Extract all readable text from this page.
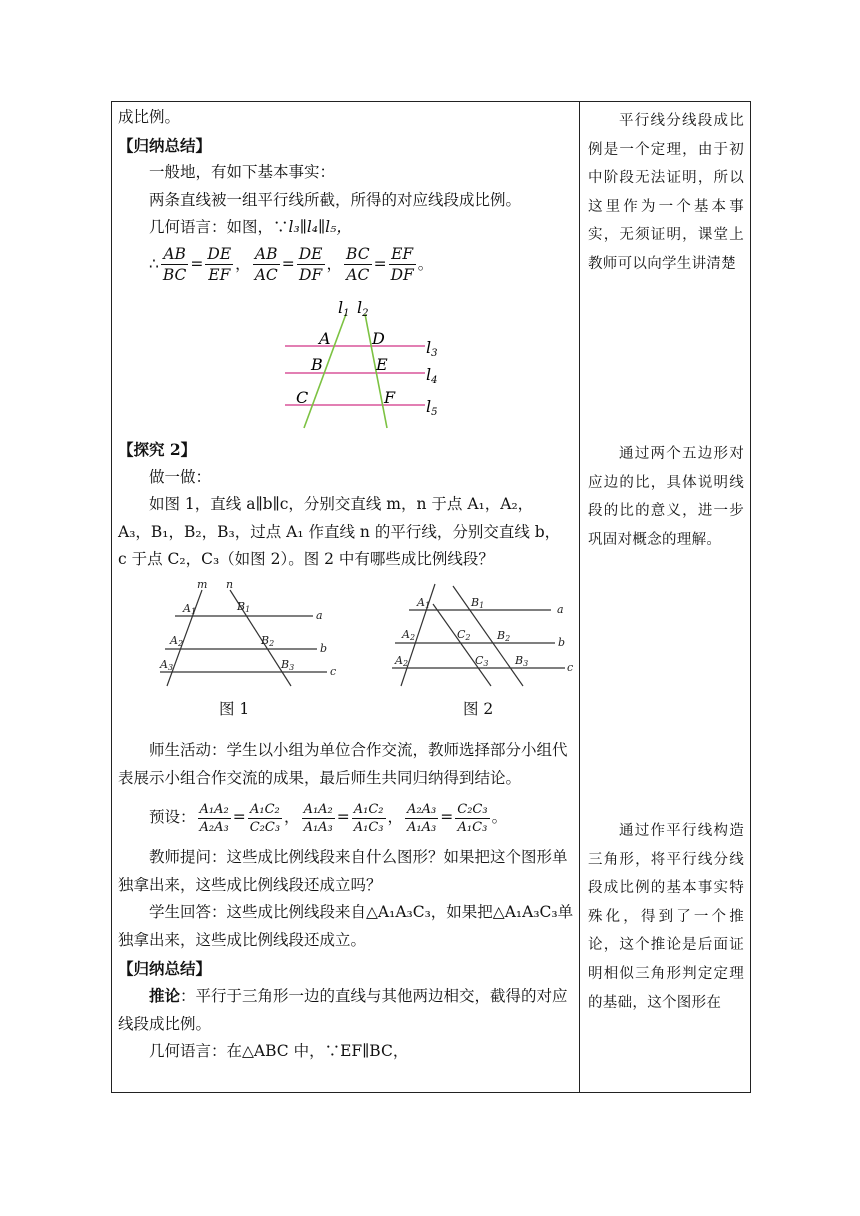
成比例。

【归纳总结】

一般地，有如下基本事实：

两条直线被一组平行线所截，所得的对应线段成比例。

几何语言：如图，∵l₃∥l₄∥l₅，

∴
AB
BC
=
DE
EF
，
AB
AC
=
DE
DF
，
BC
AC
=
EF
DF
。
l1 l2
A
B
C
D
E
F
l3
l4
l5

【探究 2】

做一做：

如图 1，直线 a∥b∥c，分别交直线 m，n 于点 A₁，A₂，

A₃，B₁，B₂，B₃，过点 A₁ 作直线 n 的平行线，分别交直线 b，

c 于点 C₂，C₃（如图 2）。图 2 中有哪些成比例线段？

m n
a
b
c
A1
A2
A3
B1
B2
B3
A1
A2
A2
B1
B2
B3
C2
C3
a
b
c
图 1	图 2

师生活动：学生以小组为单位合作交流，教师选择部分小组代表展示小组合作交流的成果，最后师生共同归纳得到结论。

预设： A₁A₂
A₂A₃
= A₁C₂
C₂C₃
， A₁A₂
A₁A₃
= A₁C₂
A₁C₃
， A₂A₃
A₁A₃
= C₂C₃
A₁C₃
。

教师提问：这些成比例线段来自什么图形？如果把这个图形单独拿出来，这些成比例线段还成立吗？

学生回答：这些成比例线段来自△A₁A₃C₃，如果把△A₁A₃C₃单独拿出来，这些成比例线段还成立。

【归纳总结】

推论：平行于三角形一边的直线与其他两边相交，截得的对应线段成比例。

几何语言：在△ABC 中，∵EF∥BC，

平行线分线段成比例是一个定理，由于初中阶段无法证明，所以这里作为一个基本事实，无须证明，课堂上教师可以向学生讲清楚

通过两个五边形对应边的比，具体说明线段的比的意义，进一步巩固对概念的理解。

通过作平行线构造三角形，将平行线分线段成比例的基本事实特殊化，得到了一个推论，这个推论是后面证明相似三角形判定定理的基础，这个图形在
